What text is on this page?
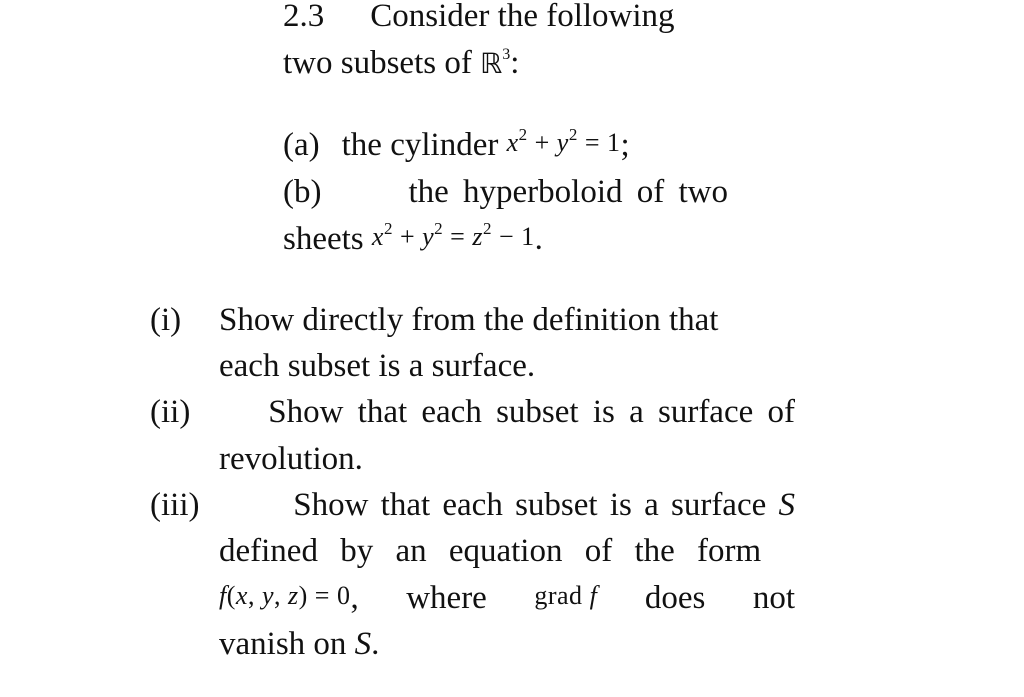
2.3 Consider the following
two subsets of ℝ$^3$:
(a) the cylinder $x^2 + y^2 = 1$;
(b)	the hyperboloid of two
sheets $x^2 + y^2 = z^2 - 1$.
(i) Show directly from the definition that
each subset is a surface.
(ii) Show that each subset is a surface of
revolution.
(iii)	Show that each subset is a surface S
defined by an equation of the form
f(x, y, z) = 0, where grad f does not
vanish on S.
